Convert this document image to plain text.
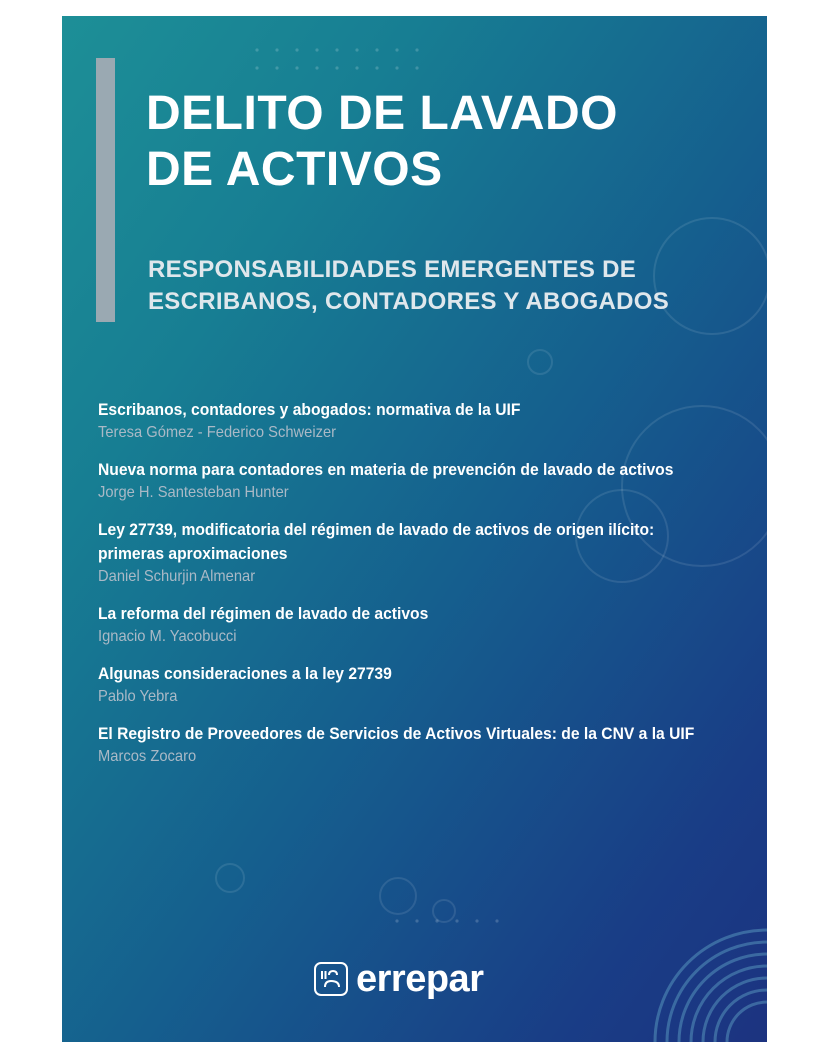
DELITO DE LAVADO
DE ACTIVOS
RESPONSABILIDADES EMERGENTES DE
ESCRIBANOS, CONTADORES Y ABOGADOS
Escribanos, contadores y abogados: normativa de la UIF
Teresa Gómez - Federico Schweizer
Nueva norma para contadores en materia de prevención de lavado de activos
Jorge H. Santesteban Hunter
Ley 27739, modificatoria del régimen de lavado de activos de origen ilícito:
primeras aproximaciones
Daniel Schurjin Almenar
La reforma del régimen de lavado de activos
Ignacio M. Yacobucci
Algunas consideraciones a la ley 27739
Pablo Yebra
El Registro de Proveedores de Servicios de Activos Virtuales: de la CNV a la UIF
Marcos Zocaro
errepar
